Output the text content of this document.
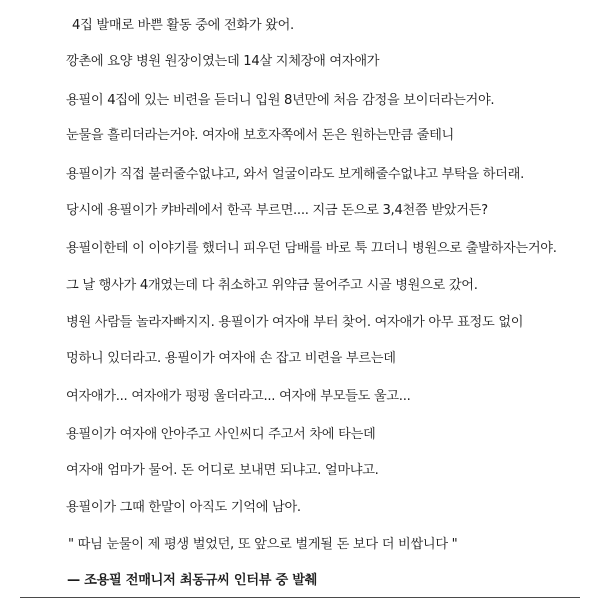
4집 발매로 바쁜 활동 중에 전화가 왔어.
깡촌에 요양 병원 원장이였는데 14살 지체장애 여자애가
용필이 4집에 있는 비련을 듣더니 입원 8년만에 처음 감정을 보이더라는거야.
눈물을 흘리더라는거야. 여자애 보호자쪽에서 돈은 원하는만큼 줄테니
용필이가 직접 불러줄수없냐고, 와서 얼굴이라도 보게해줄수없냐고 부탁을 하더래.
당시에 용필이가 캬바레에서 한곡 부르면.... 지금 돈으로 3,4천쯤 받았거든?
용필이한테 이 이야기를 했더니 피우던 담배를 바로 툭 끄더니 병원으로 출발하자는거야.
그 날 행사가 4개였는데 다 취소하고 위약금 물어주고 시골 병원으로 갔어.
병원 사람들 놀라자빠지지. 용필이가 여자애 부터 찾어. 여자애가 아무 표정도 없이
멍하니 있더라고. 용필이가 여자애 손 잡고 비련을 부르는데
여자애가... 여자애가 펑펑 울더라고... 여자애 부모들도 울고...
용필이가 여자애 안아주고 사인씨디 주고서 차에 타는데
여자애 엄마가 물어. 돈 어디로 보내면 되냐고. 얼마냐고.
용필이가 그때 한말이 아직도 기억에 남아.
" 따님 눈물이 제 평생 벌었던, 또 앞으로 벌게될 돈 보다 더 비쌉니다 "
— 조용필 전매니저 최동규씨 인터뷰 중 발췌
